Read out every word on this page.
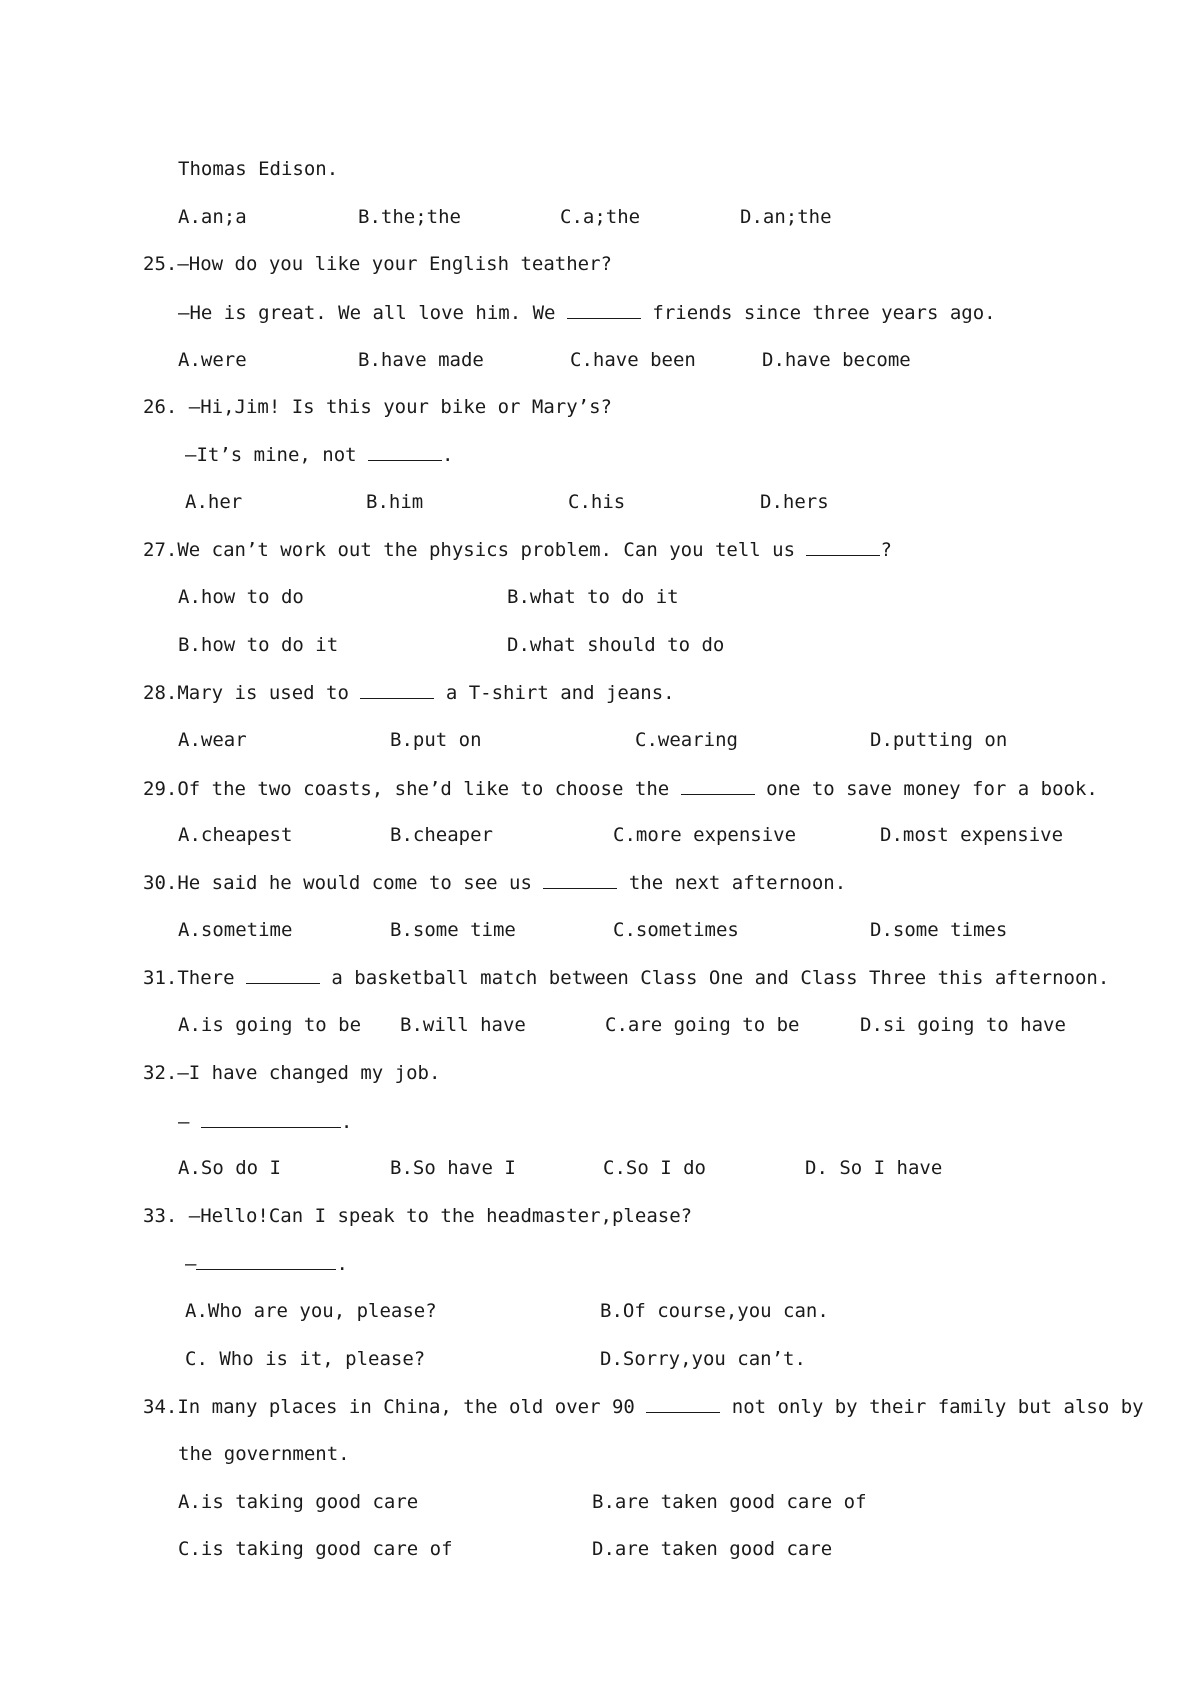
Thomas Edison.
A.an;a	B.the;the	C.a;the	D.an;the
25.—How do you like your English teather?
—He is great. We all love him. We	friends since three years ago.
A.were	B.have made	C.have been	D.have become
26. —Hi,Jim! Is this your bike or Mary’s?
—It’s mine, not	.
A.her	B.him	C.his	D.hers
27.We can’t work out the physics problem. Can you tell us	?
A.how to do	B.what to do it
B.how to do it	D.what should to do
28.Mary is used to	a T-shirt and jeans.
A.wear	B.put on	C.wearing	D.putting on
29.Of the two coasts, she’d like to choose the	one to save money for a book.
A.cheapest	B.cheaper	C.more expensive	D.most expensive
30.He said he would come to see us	the next afternoon.
A.sometime	B.some time	C.sometimes	D.some times
31.There	a basketball match between Class One and Class Three this afternoon.
A.is going to be B.will have	C.are going to be	D.si going to have
32.—I have changed my job.
—	.
A.So do I	B.So have I	C.So I do	D. So I have
33. —Hello!Can I speak to the headmaster,please?
—	.
A.Who are you, please?	B.Of course,you can.
C. Who is it, please?	D.Sorry,you can’t.
34.In many places in China, the old over 90	not only by their family but also by
the government.
A.is taking good care	B.are taken good care of
C.is taking good care of	D.are taken good care
